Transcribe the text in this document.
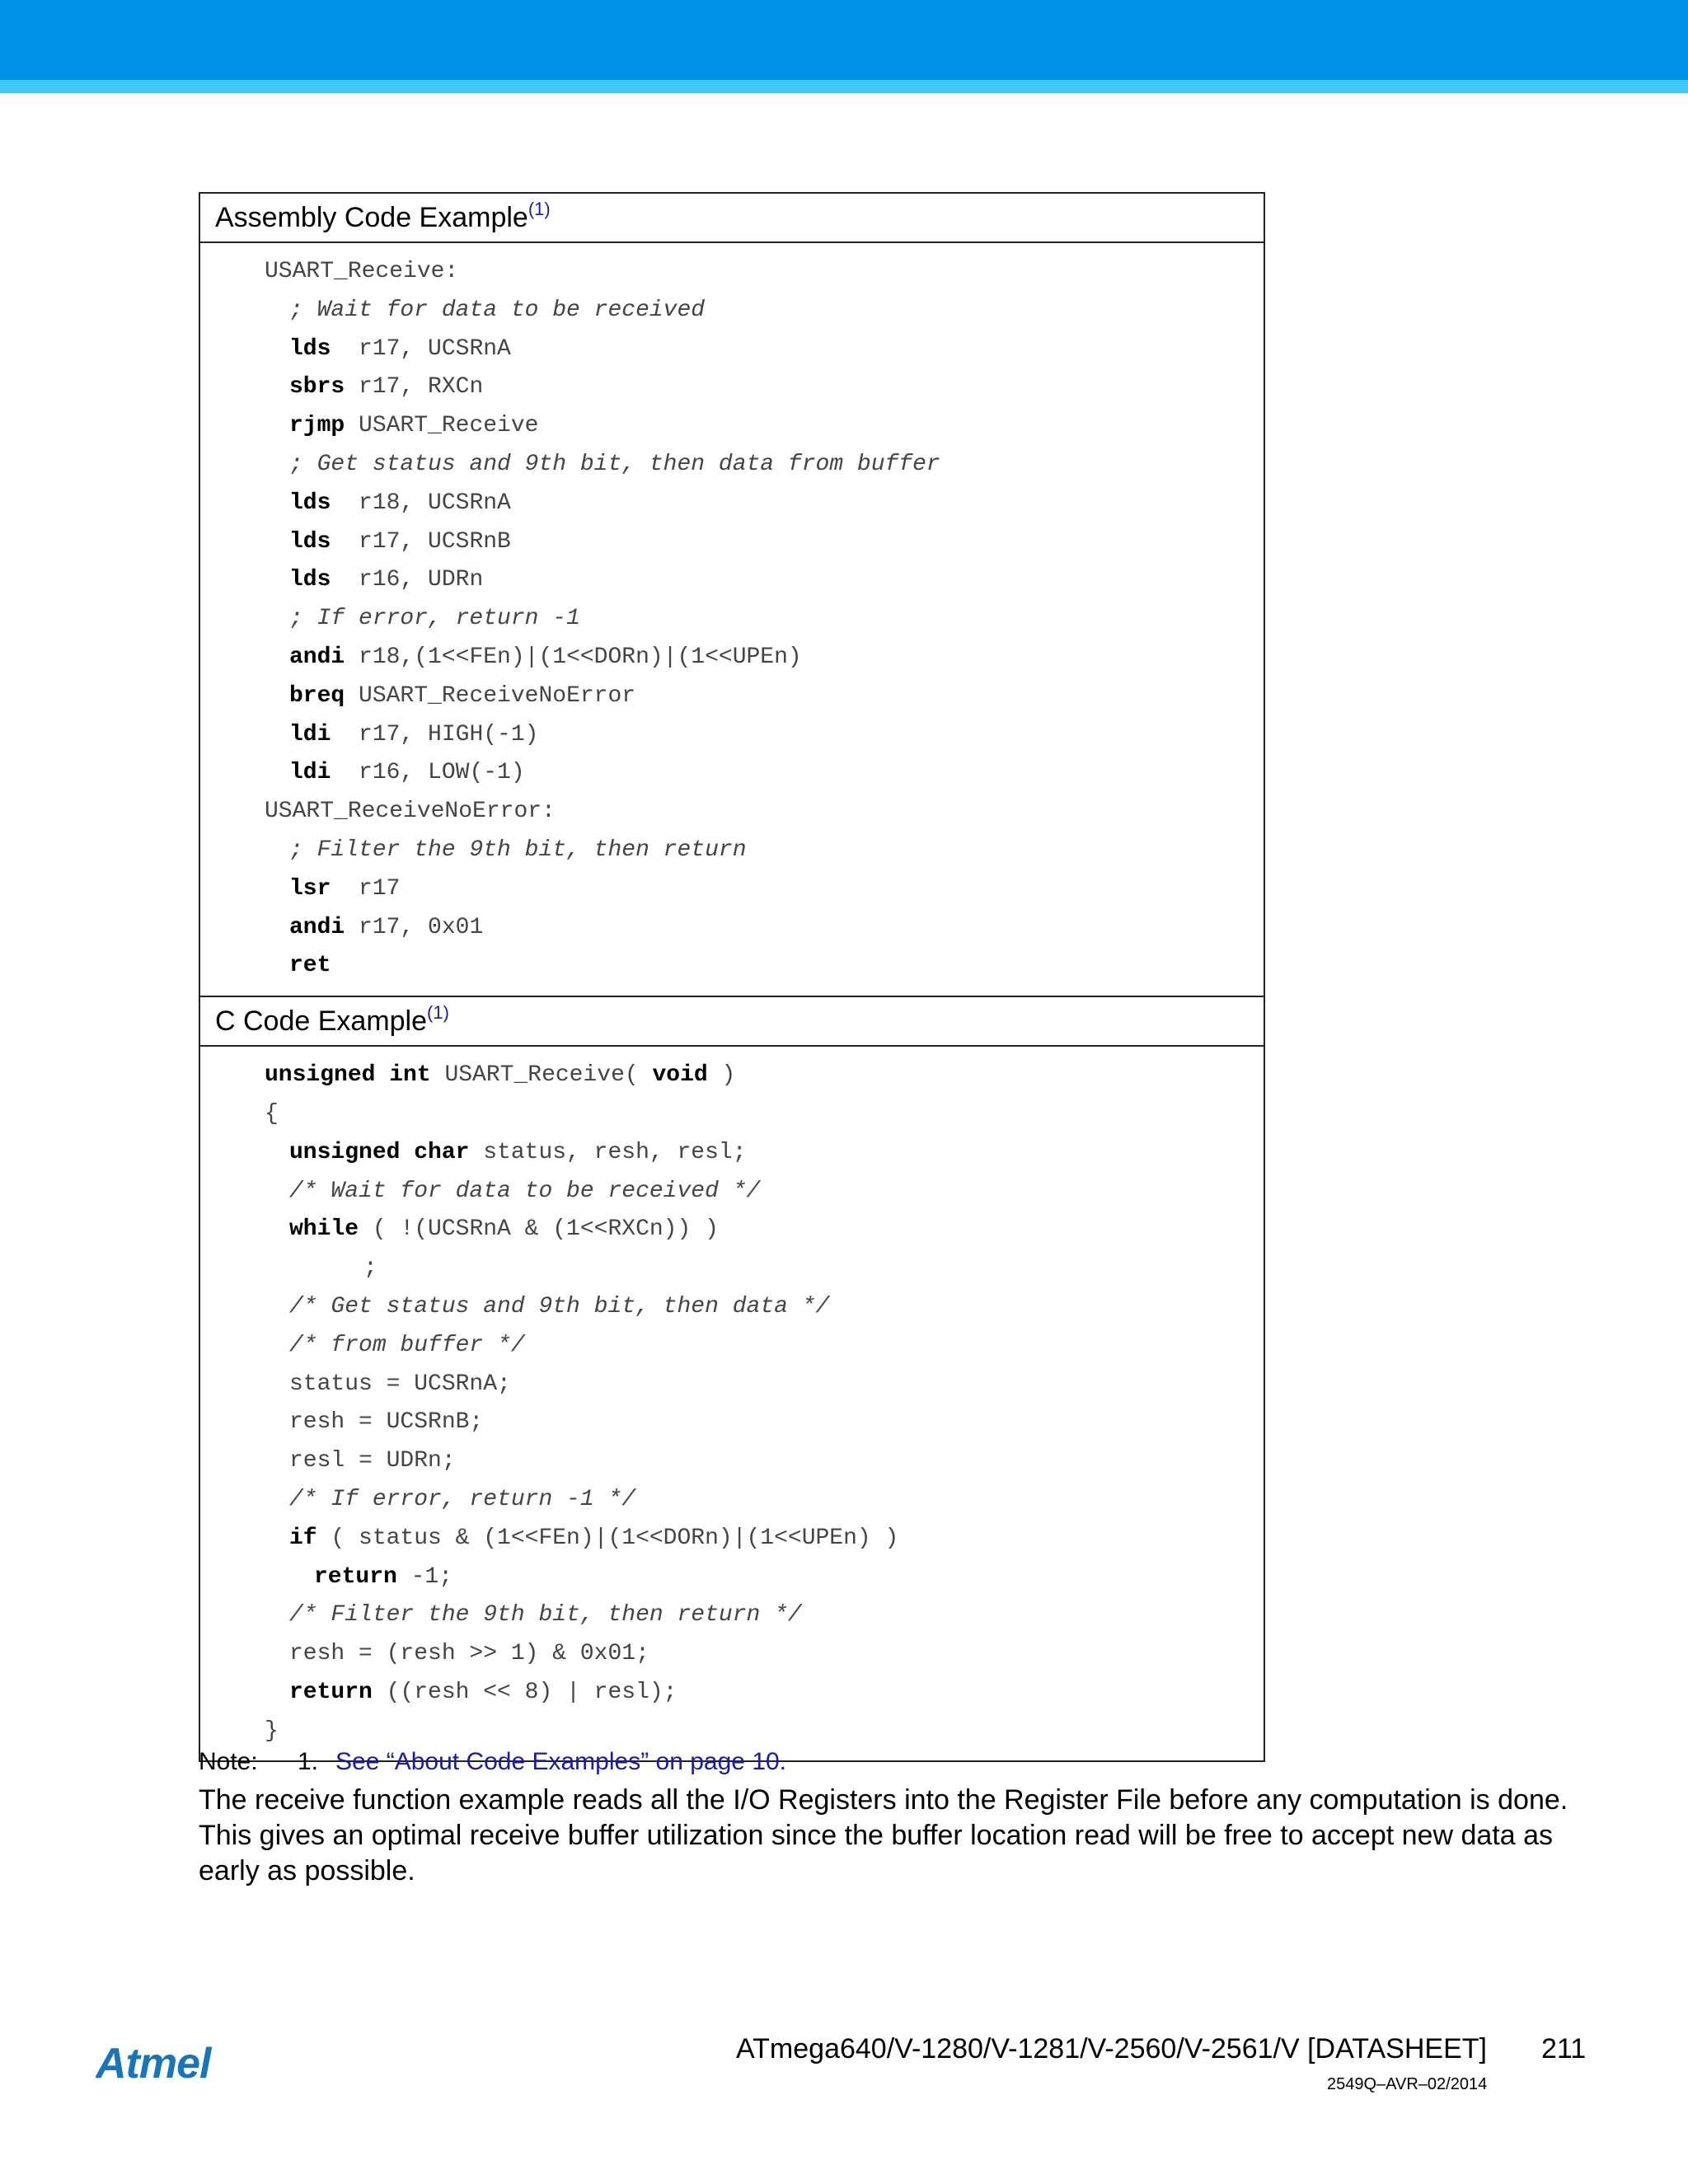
Assembly Code Example$^{(1)}$
USART_Receive:
; Wait for data to be received
lds  r17, UCSRnA
sbrs r17, RXCn
rjmp USART_Receive
; Get status and 9th bit, then data from buffer
lds  r18, UCSRnA
lds  r17, UCSRnB
lds  r16, UDRn
; If error, return -1
andi r18,(1<<FEn)|(1<<DORn)|(1<<UPEn)
breq USART_ReceiveNoError
ldi  r17, HIGH(-1)
ldi  r16, LOW(-1)
USART_ReceiveNoError:
; Filter the 9th bit, then return
lsr  r17
andi r17, 0x01
ret
C Code Example$^{(1)}$
unsigned int USART_Receive( void )
{
unsigned char status, resh, resl;
/* Wait for data to be received */
while ( !(UCSRnA & (1<<RXCn)) )
;
/* Get status and 9th bit, then data */
/* from buffer */
status = UCSRnA;
resh = UCSRnB;
resl = UDRn;
/* If error, return -1 */
if ( status & (1<<FEn)|(1<<DORn)|(1<<UPEn) )
return -1;
/* Filter the 9th bit, then return */
resh = (resh >> 1) & 0x01;
return ((resh << 8) | resl);
}
Note: 1. See “About Code Examples” on page 10.
The receive function example reads all the I/O Registers into the Register File before any computation is done. This gives an optimal receive buffer utilization since the buffer location read will be free to accept new data as early as possible.
Atmel	ATmega640/V-1280/V-1281/V-2560/V-2561/V [DATASHEET] 211
2549Q–AVR–02/2014
